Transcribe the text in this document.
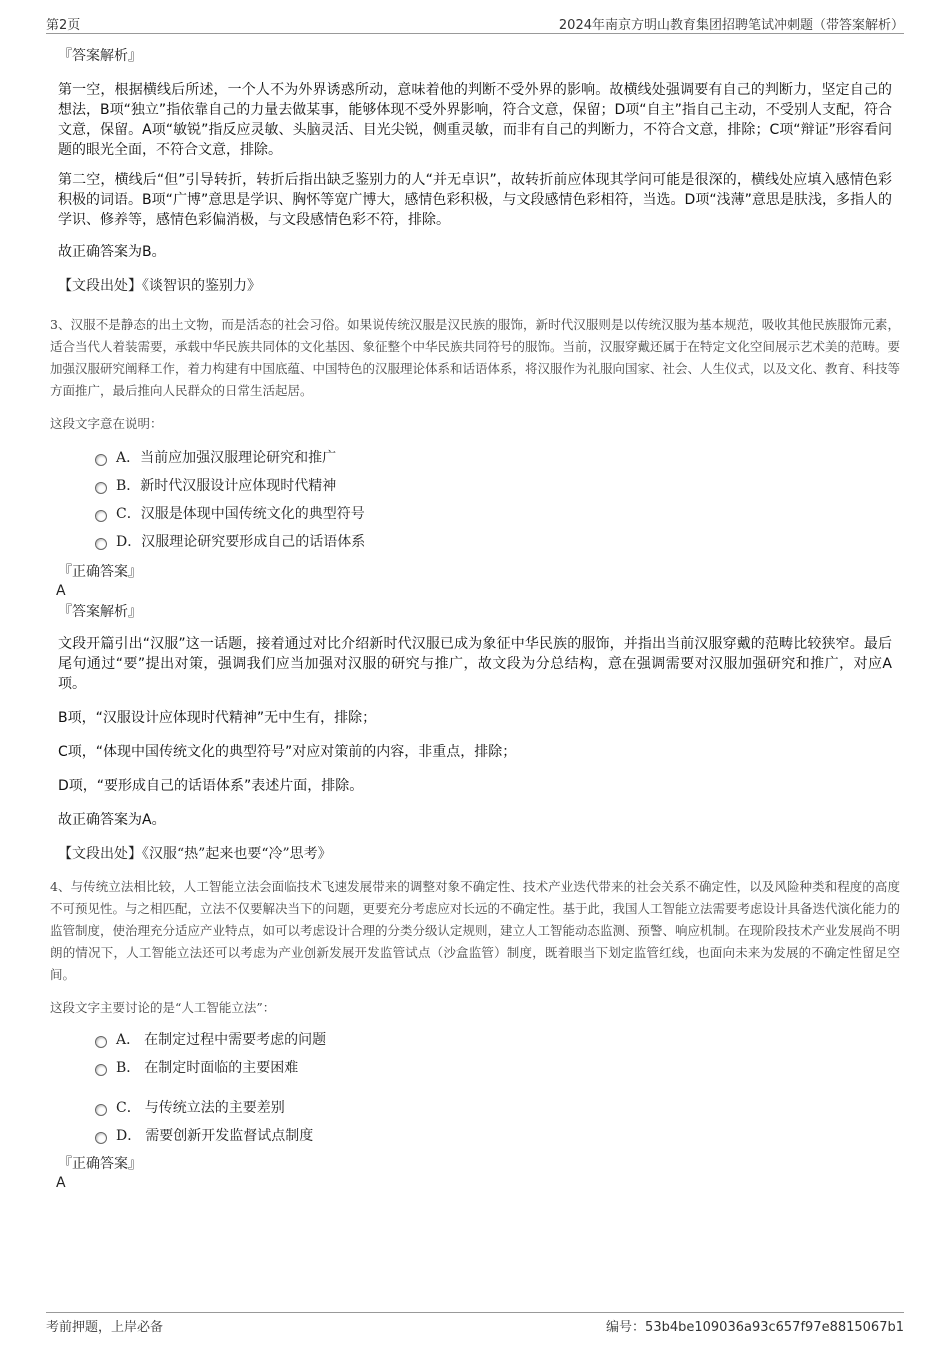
第2页	2024年南京方明山教育集团招聘笔试冲刺题（带答案解析）
『答案解析』

第一空，根据横线后所述，一个人不为外界诱惑所动，意味着他的判断不受外界的影响。故横线处强调要有自己的判断力，坚定自己的想法，B项“独立”指依靠自己的力量去做某事，能够体现不受外界影响，符合文意，保留；D项“自主”指自己主动，不受别人支配，符合文意，保留。A项“敏锐”指反应灵敏、头脑灵活、目光尖锐，侧重灵敏，而非有自己的判断力，不符合文意，排除；C项“辩证”形容看问题的眼光全面，不符合文意，排除。

第二空，横线后“但”引导转折，转折后指出缺乏鉴别力的人“并无卓识”，故转折前应体现其学问可能是很深的，横线处应填入感情色彩积极的词语。B项“广博”意思是学识、胸怀等宽广博大，感情色彩积极，与文段感情色彩相符，当选。D项“浅薄”意思是肤浅，多指人的学识、修养等，感情色彩偏消极，与文段感情色彩不符，排除。

故正确答案为B。

【文段出处】《谈智识的鉴别力》

3、汉服不是静态的出土文物，而是活态的社会习俗。如果说传统汉服是汉民族的服饰，新时代汉服则是以传统汉服为基本规范，吸收其他民族服饰元素，适合当代人着装需要，承载中华民族共同体的文化基因、象征整个中华民族共同符号的服饰。当前，汉服穿戴还属于在特定文化空间展示艺术美的范畴。要加强汉服研究阐释工作，着力构建有中国底蕴、中国特色的汉服理论体系和话语体系，将汉服作为礼服向国家、社会、人生仪式，以及文化、教育、科技等方面推广，最后推向人民群众的日常生活起居。

这段文字意在说明：
A．当前应加强汉服理论研究和推广
B．新时代汉服设计应体现时代精神
C．汉服是体现中国传统文化的典型符号
D．汉服理论研究要形成自己的话语体系
『正确答案』
A
『答案解析』

文段开篇引出“汉服”这一话题，接着通过对比介绍新时代汉服已成为象征中华民族的服饰，并指出当前汉服穿戴的范畴比较狭窄。最后尾句通过“要”提出对策，强调我们应当加强对汉服的研究与推广，故文段为分总结构，意在强调需要对汉服加强研究和推广，对应A项。

B项，“汉服设计应体现时代精神”无中生有，排除；

C项，“体现中国传统文化的典型符号”对应对策前的内容，非重点，排除；

D项，“要形成自己的话语体系”表述片面，排除。

故正确答案为A。

【文段出处】《汉服“热”起来也要“冷”思考》

4、与传统立法相比较，人工智能立法会面临技术飞速发展带来的调整对象不确定性、技术产业迭代带来的社会关系不确定性，以及风险种类和程度的高度不可预见性。与之相匹配，立法不仅要解决当下的问题，更要充分考虑应对长远的不确定性。基于此，我国人工智能立法需要考虑设计具备迭代演化能力的监管制度，使治理充分适应产业特点，如可以考虑设计合理的分类分级认定规则，建立人工智能动态监测、预警、响应机制。在现阶段技术产业发展尚不明朗的情况下，人工智能立法还可以考虑为产业创新发展开发监管试点（沙盒监管）制度，既着眼当下划定监管红线，也面向未来为发展的不确定性留足空间。

这段文字主要讨论的是“人工智能立法”：
A． 在制定过程中需要考虑的问题
B． 在制定时面临的主要困难
C． 与传统立法的主要差别
D． 需要创新开发监督试点制度
『正确答案』
A
考前押题，上岸必备	编号：53b4be109036a93c657f97e8815067b1
